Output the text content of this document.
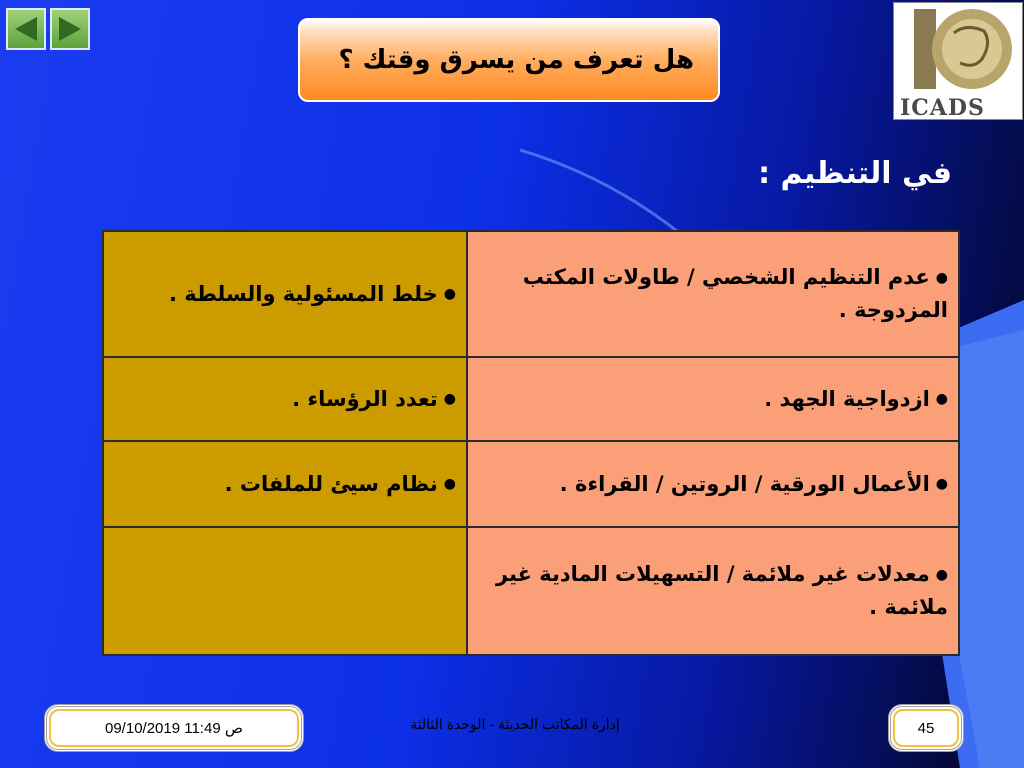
هل تعرف من يسرق وقتك ؟
ICADS
في التنظيم :
●عدم التنظيم الشخصي / طاولات المكتب المزدوجة .	●خلط المسئولية والسلطة .
●ازدواجية الجهد .	●تعدد الرؤساء .
●الأعمال الورقية / الروتين / القراءة .	●نظام سيئ للملفات .
●معدلات غير ملائمة / التسهيلات المادية غير ملائمة .	
09/10/2019 11:49 ص	إدارة المكاتب الحديثة - الوحدة الثالثة	45
